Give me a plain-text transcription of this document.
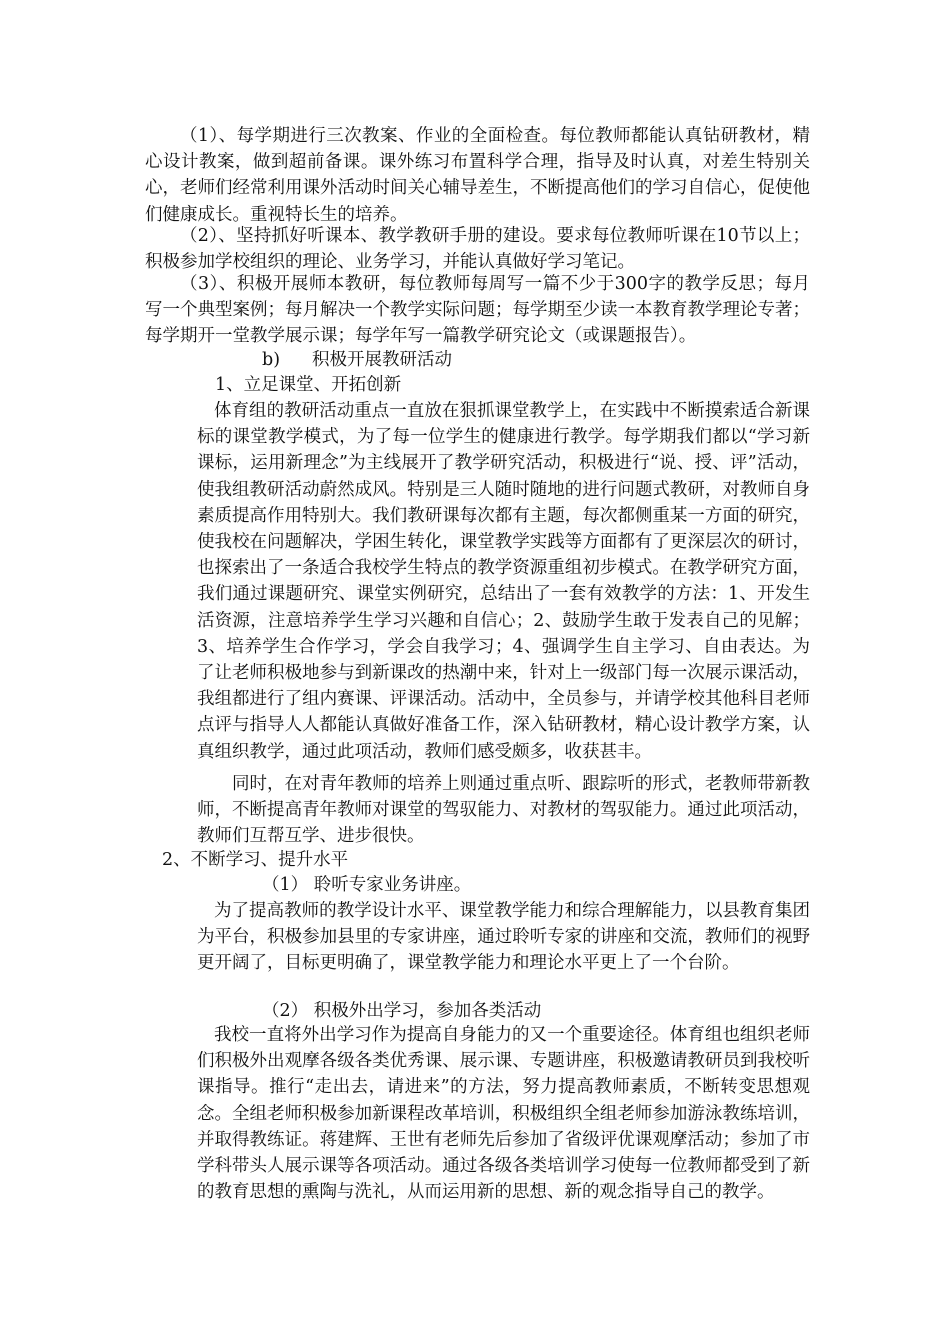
（1）、每学期进行三次教案、作业的全面检查。每位教师都能认真钻研教材，精心设计教案，做到超前备课。课外练习布置科学合理，指导及时认真，对差生特别关心，老师们经常利用课外活动时间关心辅导差生，不断提高他们的学习自信心，促使他们健康成长。重视特长生的培养。

（2）、坚持抓好听课本、教学教研手册的建设。要求每位教师听课在10节以上；积极参加学校组织的理论、业务学习，并能认真做好学习笔记。

（3）、积极开展师本教研，每位教师每周写一篇不少于300字的教学反思；每月写一个典型案例；每月解决一个教学实际问题；每学期至少读一本教育教学理论专著；每学期开一堂教学展示课；每学年写一篇教学研究论文（或课题报告）。

b) 积极开展教研活动
1、立足课堂、开拓创新

体育组的教研活动重点一直放在狠抓课堂教学上，在实践中不断摸索适合新课标的课堂教学模式，为了每一位学生的健康进行教学。每学期我们都以“学习新课标，运用新理念”为主线展开了教学研究活动，积极进行“说、授、评”活动，使我组教研活动蔚然成风。特别是三人随时随地的进行问题式教研，对教师自身素质提高作用特别大。我们教研课每次都有主题，每次都侧重某一方面的研究，使我校在问题解决，学困生转化，课堂教学实践等方面都有了更深层次的研讨，也探索出了一条适合我校学生特点的教学资源重组初步模式。在教学研究方面，我们通过课题研究、课堂实例研究，总结出了一套有效教学的方法：1、开发生活资源，注意培养学生学习兴趣和自信心；2、鼓励学生敢于发表自己的见解；3、培养学生合作学习，学会自我学习；4、强调学生自主学习、自由表达。为了让老师积极地参与到新课改的热潮中来，针对上一级部门每一次展示课活动，我组都进行了组内赛课、评课活动。活动中，全员参与，并请学校其他科目老师点评与指导人人都能认真做好准备工作，深入钻研教材，精心设计教学方案，认真组织教学，通过此项活动，教师们感受颇多，收获甚丰。

同时，在对青年教师的培养上则通过重点听、跟踪听的形式，老教师带新教师，不断提高青年教师对课堂的驾驭能力、对教材的驾驭能力。通过此项活动，教师们互帮互学、进步很快。

2、不断学习、提升水平
（1） 聆听专家业务讲座。

为了提高教师的教学设计水平、课堂教学能力和综合理解能力，以县教育集团为平台，积极参加县里的专家讲座，通过聆听专家的讲座和交流，教师们的视野更开阔了，目标更明确了，课堂教学能力和理论水平更上了一个台阶。

（2） 积极外出学习，参加各类活动

我校一直将外出学习作为提高自身能力的又一个重要途径。体育组也组织老师们积极外出观摩各级各类优秀课、展示课、专题讲座，积极邀请教研员到我校听课指导。推行“走出去，请进来”的方法，努力提高教师素质，不断转变思想观念。全组老师积极参加新课程改革培训，积极组织全组老师参加游泳教练培训，并取得教练证。蒋建辉、王世有老师先后参加了省级评优课观摩活动；参加了市学科带头人展示课等各项活动。通过各级各类培训学习使每一位教师都受到了新的教育思想的熏陶与洗礼，从而运用新的思想、新的观念指导自己的教学。
